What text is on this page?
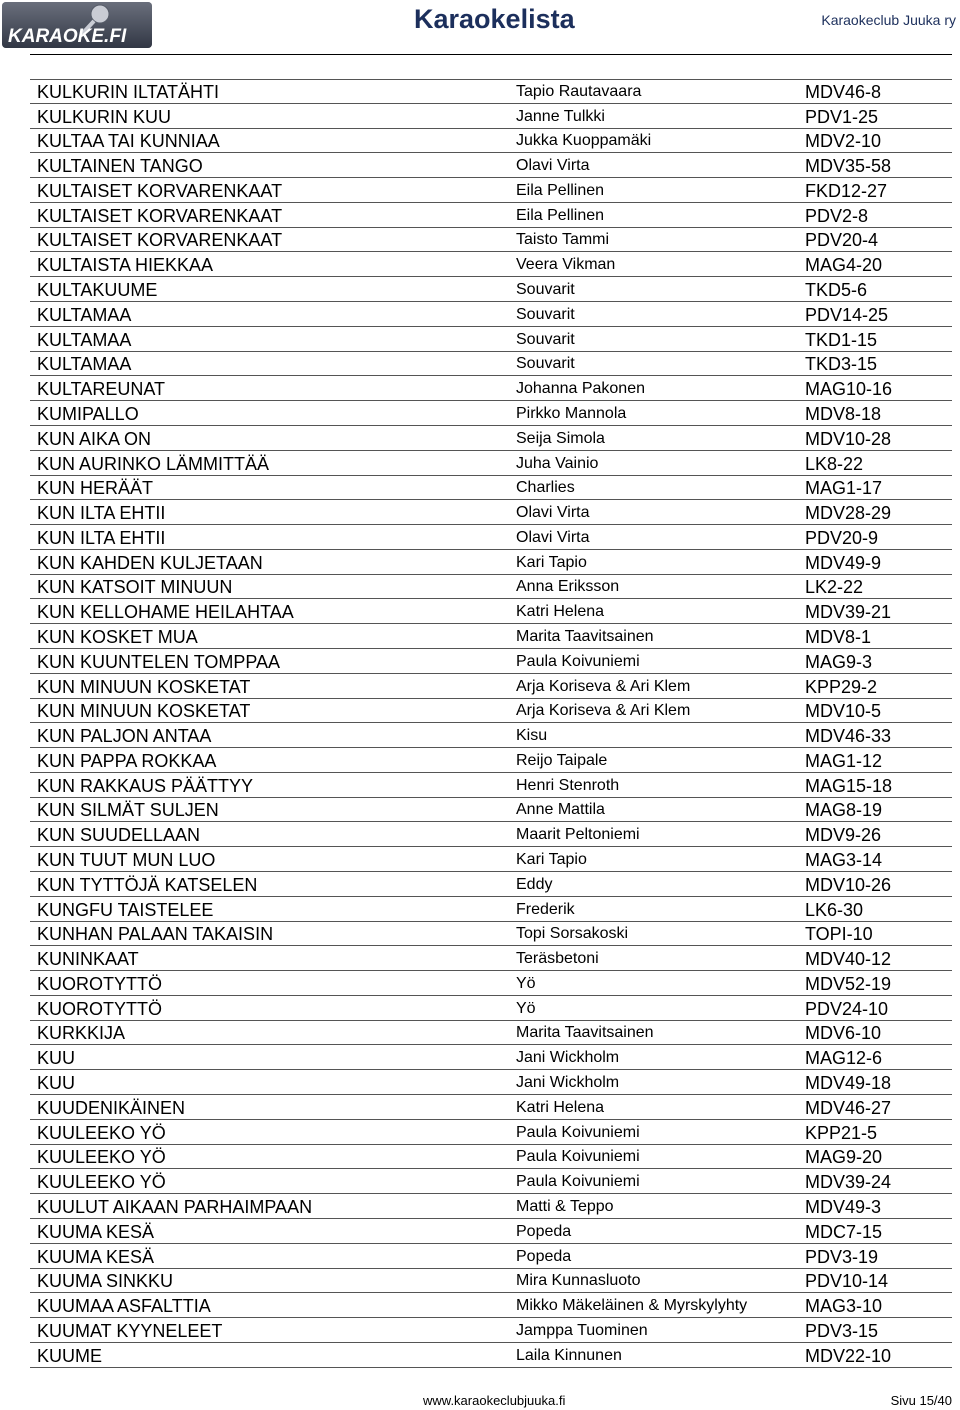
KARAOKE.FI
Karaokelista	Karaokeclub Juuka ry
KULKURIN ILTATÄHTI	Tapio Rautavaara	MDV46-8
KULKURIN KUU	Janne Tulkki	PDV1-25
KULTAA TAI KUNNIAA	Jukka Kuoppamäki	MDV2-10
KULTAINEN TANGO	Olavi Virta	MDV35-58
KULTAISET KORVARENKAAT	Eila Pellinen	FKD12-27
KULTAISET KORVARENKAAT	Eila Pellinen	PDV2-8
KULTAISET KORVARENKAAT	Taisto Tammi	PDV20-4
KULTAISTA HIEKKAA	Veera Vikman	MAG4-20
KULTAKUUME	Souvarit	TKD5-6
KULTAMAA	Souvarit	PDV14-25
KULTAMAA	Souvarit	TKD1-15
KULTAMAA	Souvarit	TKD3-15
KULTAREUNAT	Johanna Pakonen	MAG10-16
KUMIPALLO	Pirkko Mannola	MDV8-18
KUN AIKA ON	Seija Simola	MDV10-28
KUN AURINKO LÄMMITTÄÄ	Juha Vainio	LK8-22
KUN HERÄÄT	Charlies	MAG1-17
KUN ILTA EHTII	Olavi Virta	MDV28-29
KUN ILTA EHTII	Olavi Virta	PDV20-9
KUN KAHDEN KULJETAAN	Kari Tapio	MDV49-9
KUN KATSOIT MINUUN	Anna Eriksson	LK2-22
KUN KELLOHAME HEILAHTAA	Katri Helena	MDV39-21
KUN KOSKET MUA	Marita Taavitsainen	MDV8-1
KUN KUUNTELEN TOMPPAA	Paula Koivuniemi	MAG9-3
KUN MINUUN KOSKETAT	Arja Koriseva & Ari Klem	KPP29-2
KUN MINUUN KOSKETAT	Arja Koriseva & Ari Klem	MDV10-5
KUN PALJON ANTAA	Kisu	MDV46-33
KUN PAPPA ROKKAA	Reijo Taipale	MAG1-12
KUN RAKKAUS PÄÄTTYY	Henri Stenroth	MAG15-18
KUN SILMÄT SULJEN	Anne Mattila	MAG8-19
KUN SUUDELLAAN	Maarit Peltoniemi	MDV9-26
KUN TUUT MUN LUO	Kari Tapio	MAG3-14
KUN TYTTÖJÄ KATSELEN	Eddy	MDV10-26
KUNGFU TAISTELEE	Frederik	LK6-30
KUNHAN PALAAN TAKAISIN	Topi Sorsakoski	TOPI-10
KUNINKAAT	Teräsbetoni	MDV40-12
KUOROTYTTÖ	Yö	MDV52-19
KUOROTYTTÖ	Yö	PDV24-10
KURKKIJA	Marita Taavitsainen	MDV6-10
KUU	Jani Wickholm	MAG12-6
KUU	Jani Wickholm	MDV49-18
KUUDENIKÄINEN	Katri Helena	MDV46-27
KUULEEKO YÖ	Paula Koivuniemi	KPP21-5
KUULEEKO YÖ	Paula Koivuniemi	MAG9-20
KUULEEKO YÖ	Paula Koivuniemi	MDV39-24
KUULUT AIKAAN PARHAIMPAAN	Matti & Teppo	MDV49-3
KUUMA KESÄ	Popeda	MDC7-15
KUUMA KESÄ	Popeda	PDV3-19
KUUMA SINKKU	Mira Kunnasluoto	PDV10-14
KUUMAA ASFALTTIA	Mikko Mäkeläinen & Myrskylyhty	MAG3-10
KUUMAT KYYNELEET	Jamppa Tuominen	PDV3-15
KUUME	Laila Kinnunen	MDV22-10
www.karaokeclubjuuka.fi	Sivu 15/40
